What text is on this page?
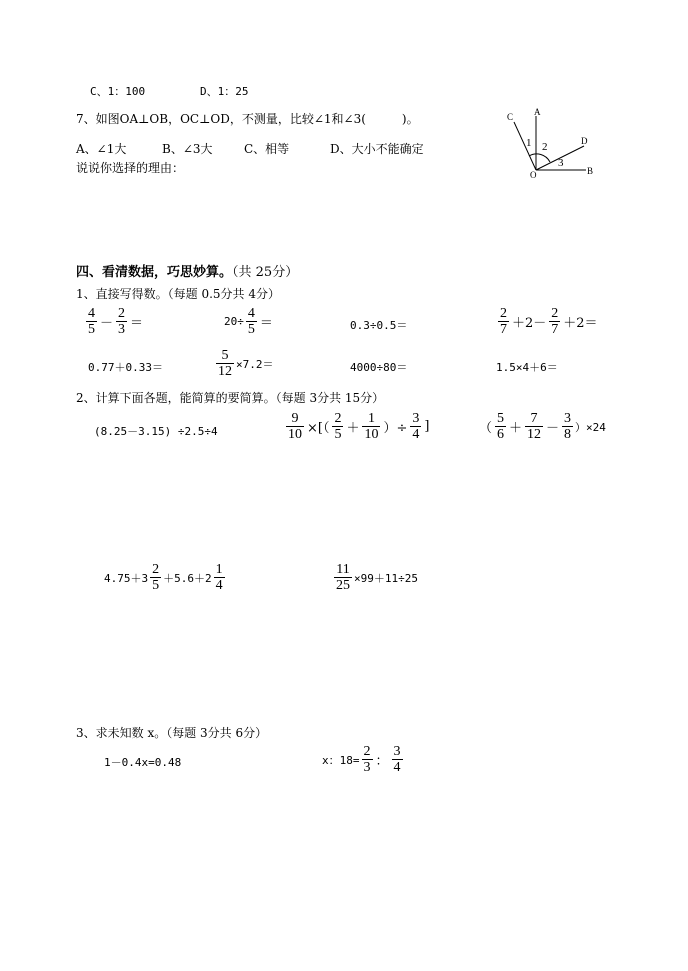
C、1：100	D、1：25
7、如图OA⊥OB，OC⊥OD，不测量，比较∠1和∠3(　　　)。
A、∠1大	B、∠3大	C、相等	D、大小不能确定
说说你选择的理由：
C A
D
B
O
1 2
3
四、看清数据，巧思妙算。（共 25分）
1、直接写得数。（每题 0.5分共 4分）
$\frac{4}{5} - \frac{2}{3}$ ＝	$20\div \frac{4}{5}$ ＝	0.3÷0.5＝	$\frac{2}{7} +2- \frac{2}{7} +2=$
0.77＋0.33＝	$\frac{5}{12} \times 7.2=$	4000÷80＝	1.5×4＋6＝
2、计算下面各题，能简算的要简算。（每题 3分共 15分）
(8.25－3.15) ÷2.5÷4	$\frac{9}{10}$ ×[（ $\frac{2}{5} + \frac{1}{10}$ ）÷ $\frac{3}{4}$ ]	（ $\frac{5}{6} + \frac{7}{12} - \frac{3}{8} )\times 24$
$4.75+3 \frac{2}{5} +5.6+2 \frac{1}{4}$	$\frac{11}{25} \times 99+11\div 25$
3、求未知数 x。（每题 3分共 6分）
1－0.4x=0.48	x：$18= \frac{2}{3}$ ： $\frac{3}{4}$
